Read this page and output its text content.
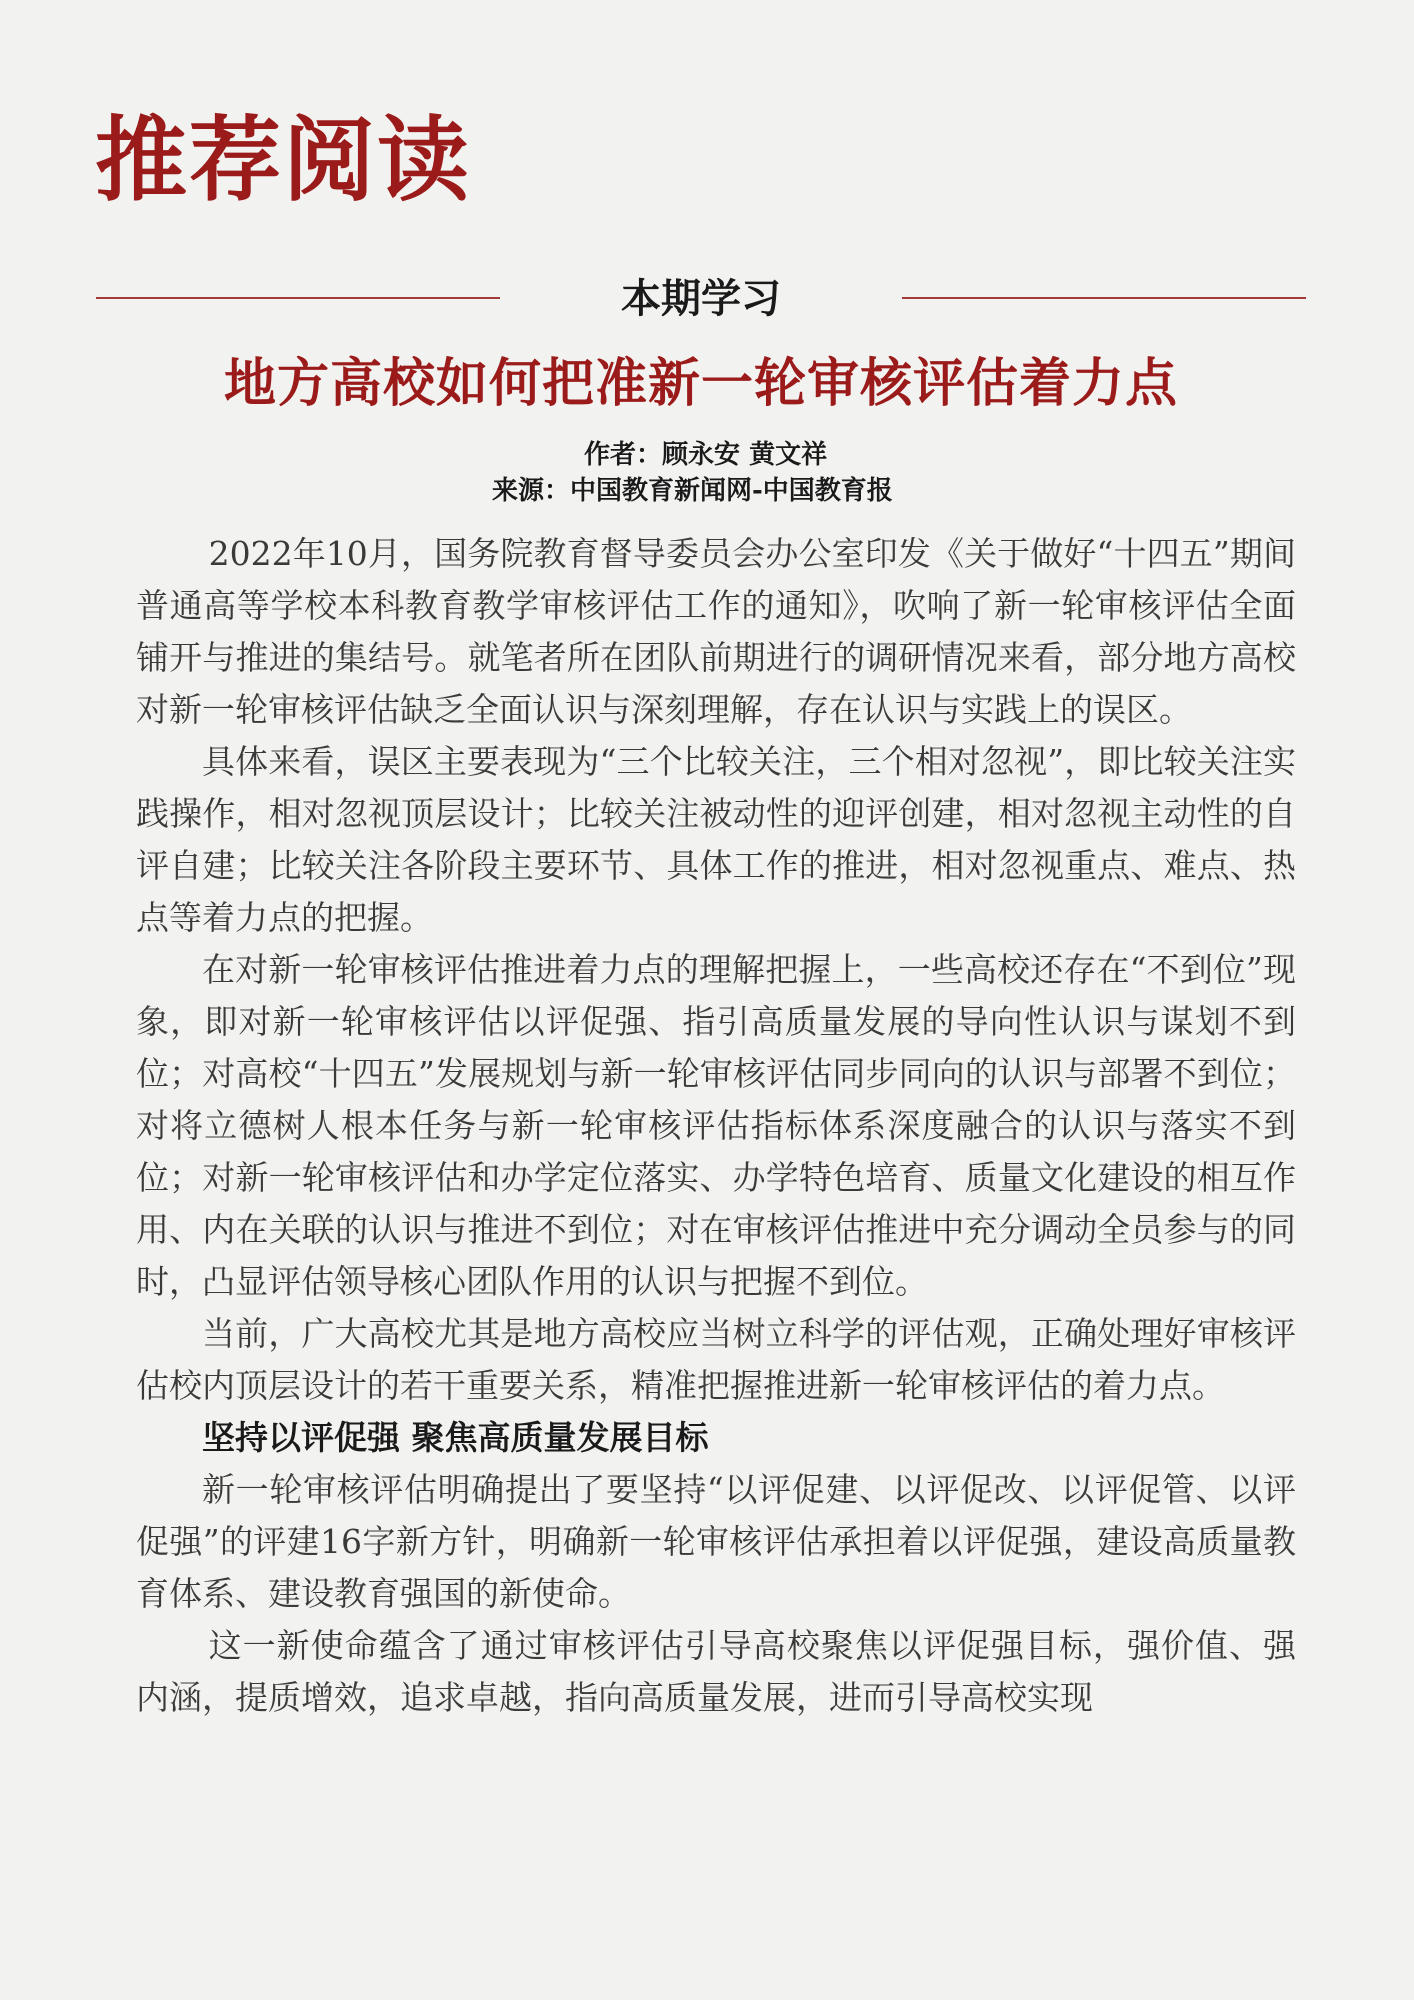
推荐阅读
本期学习
地方高校如何把准新一轮审核评估着力点
作者：顾永安 黄文祥
来源：中国教育新闻网-中国教育报

2022年10月，国务院教育督导委员会办公室印发《关于做好“十四五”期间普通高等学校本科教育教学审核评估工作的通知》，吹响了新一轮审核评估全面铺开与推进的集结号。就笔者所在团队前期进行的调研情况来看，部分地方高校对新一轮审核评估缺乏全面认识与深刻理解，存在认识与实践上的误区。

具体来看，误区主要表现为“三个比较关注，三个相对忽视”，即比较关注实践操作，相对忽视顶层设计；比较关注被动性的迎评创建，相对忽视主动性的自评自建；比较关注各阶段主要环节、具体工作的推进，相对忽视重点、难点、热点等着力点的把握。

在对新一轮审核评估推进着力点的理解把握上，一些高校还存在“不到位”现象，即对新一轮审核评估以评促强、指引高质量发展的导向性认识与谋划不到位；对高校“十四五”发展规划与新一轮审核评估同步同向的认识与部署不到位；对将立德树人根本任务与新一轮审核评估指标体系深度融合的认识与落实不到位；对新一轮审核评估和办学定位落实、办学特色培育、质量文化建设的相互作用、内在关联的认识与推进不到位；对在审核评估推进中充分调动全员参与的同时，凸显评估领导核心团队作用的认识与把握不到位。

当前，广大高校尤其是地方高校应当树立科学的评估观，正确处理好审核评估校内顶层设计的若干重要关系，精准把握推进新一轮审核评估的着力点。

坚持以评促强 聚焦高质量发展目标

新一轮审核评估明确提出了要坚持“以评促建、以评促改、以评促管、以评促强”的评建16字新方针，明确新一轮审核评估承担着以评促强，建设高质量教育体系、建设教育强国的新使命。

这一新使命蕴含了通过审核评估引导高校聚焦以评促强目标，强价值、强内涵，提质增效，追求卓越，指向高质量发展，进而引导高校实现
